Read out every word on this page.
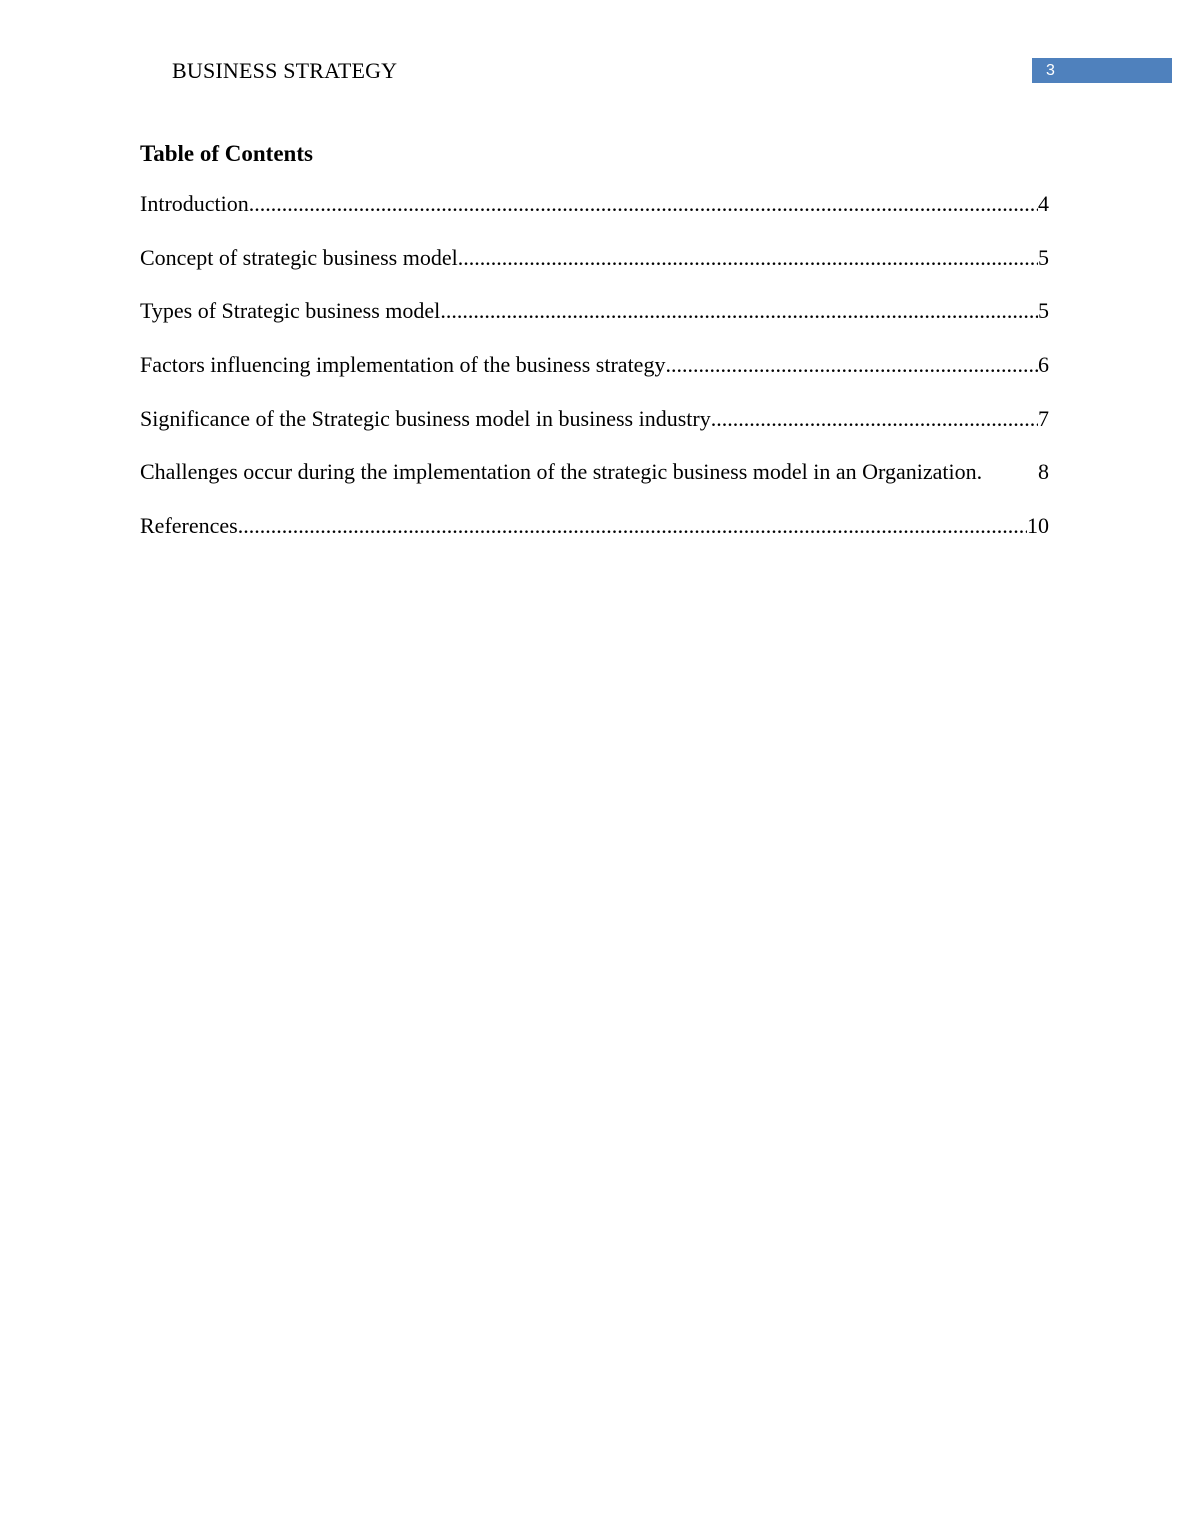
BUSINESS STRATEGY	3
Table of Contents
Introduction .....	4
Concept of strategic business model .....	5
Types of Strategic business model .....	5
Factors influencing implementation of the business strategy .....	6
Significance of the Strategic business model in business industry .....	7
Challenges occur during the implementation of the strategic business model in an Organization.	8
References .....	10
